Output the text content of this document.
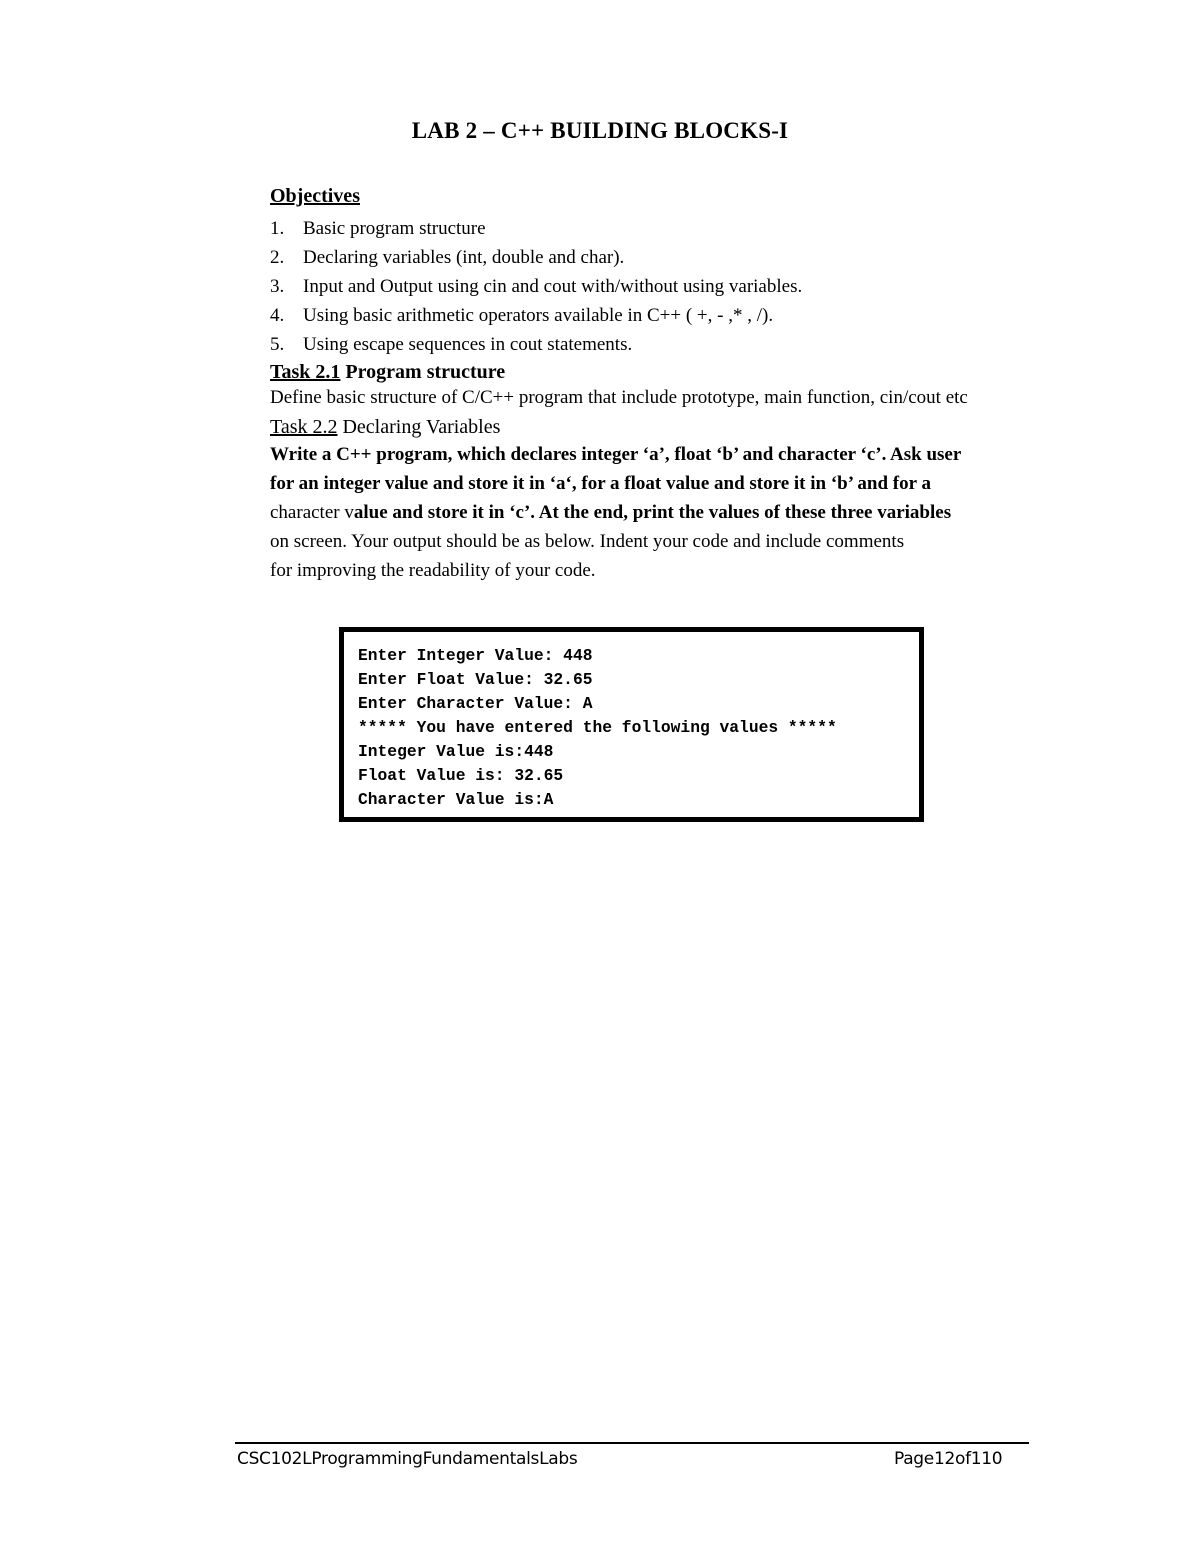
LAB 2 – C++ BUILDING BLOCKS-I
Objectives
1. Basic program structure
2. Declaring variables (int, double and char).
3. Input and Output using cin and cout with/without using variables.
4. Using basic arithmetic operators available in C++ ( +, - ,* , /).
5. Using escape sequences in cout statements.
Task 2.1 Program structure
Define basic structure of C/C++ program that include prototype, main function, cin/cout etc
Task 2.2 Declaring Variables
Write a C++ program, which declares integer ‘a’, float ‘b’ and character ‘c’. Ask user
for an integer value and store it in ‘a‘, for a float value and store it in ‘b’ and for a
character value and store it in ‘c’. At the end, print the values of these three variables
on screen. Your output should be as below. Indent your code and include comments
for improving the readability of your code.
Enter Integer Value: 448
Enter Float Value: 32.65
Enter Character Value: A
***** You have entered the following values *****
Integer Value is:448
Float Value is: 32.65
Character Value is:A
CSC102LProgrammingFundamentalsLabs	Page12of110
